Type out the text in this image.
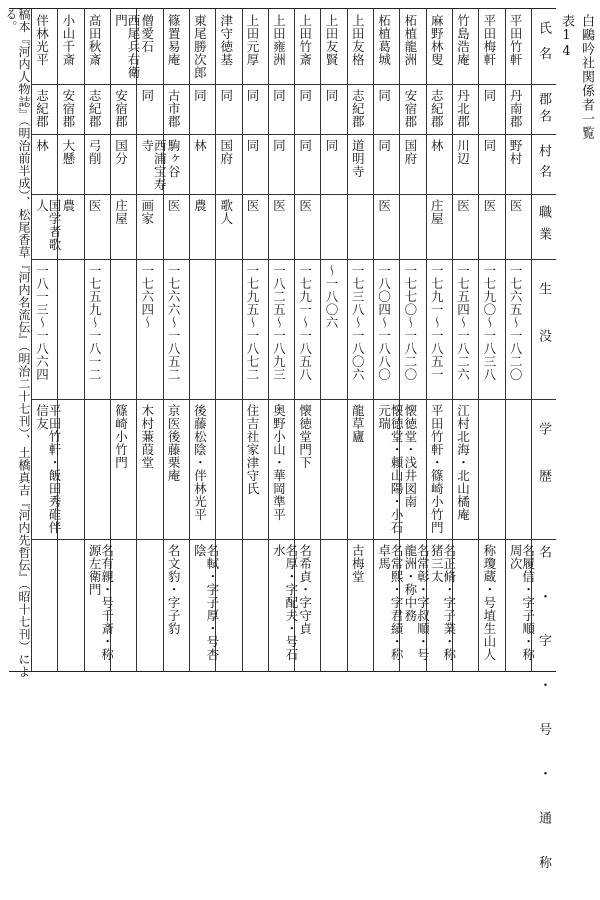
表14 白鷗吟社関係者一覧
氏名
郡名
村名
職業
生没
学歴
名・字・号・通称
平田竹軒
丹南郡
野村
医
一七六五～一八二〇
名履信・字子順・称周次
平田梅軒
同
同
医
一七九〇～一八三八
称瓊蔵・号埴生山人
竹島浩庵
丹北郡
川辺
医
一七五四～一八二六
江村北海・北山橘庵
麻野林叟
志紀郡
林
庄屋
一七九一～一八五一
平田竹軒・篠崎小竹門
名正脩・字子業・称猪三太
柘植龍洲
安宿郡
国府
一七七〇～一八二〇
懐徳堂・浅井図南
名常彰・字叔順・号龍洲・称中務
柘植葛城
同
同
医
一八〇四～一八八〇
懐徳堂・頼山陽・小石元瑞
名常熙・字君績・称卓馬
上田友格
志紀郡
道明寺
一七三八～一八〇六
龍草廬
古梅堂
上田友賢
同
同
～一八〇六
上田竹斎
同
同
医
一七九一～一八五八
懐徳堂門下
名希貞・字守貞
上田雍洲
同
同
医
一八二五～一八九三
奥野小山・華岡準平
名厚・字配夫・号石水
上田元厚
同
同
医
一七九五～一八七二
住吉社家津守氏
津守徳基
同
国府
歌人
東尾勝次郎
同
林
農
後藤松陰・伴林光平
名軾・字子厚・号杏陰
篠置易庵
古市郡
駒ヶ谷
医
一七六六～一八五二
京医後藤栗庵
名文豹・字子豹
僧愛石
同
西浦宝寿寺
画家
一七六四～
木村蒹葭堂
西尾兵右衛門
安宿郡
国分
庄屋
篠崎小竹門
高田秋斎
志紀郡
弓削
医
一七五九～一八一二
名有親・号千斎・称源左衛門
小山千斎
安宿郡
大懸
農
伴林光平
志紀郡
林
国学者歌人
一八一三～一八六四
平田竹軒・飯田秀碓伴信友
稿本『河内人物誌』（明治前半成）、松尾香草『河内名流伝』（明治二十七刊）、土橋真吉『河内先哲伝』（昭十七刊）による。
